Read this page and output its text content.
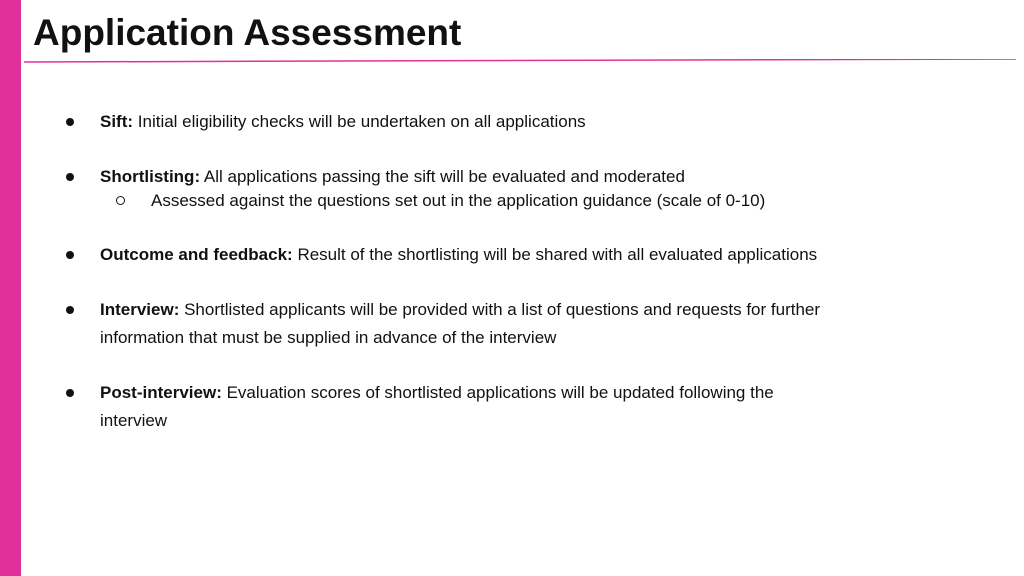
Application Assessment
Sift: Initial eligibility checks will be undertaken on all applications
Shortlisting: All applications passing the sift will be evaluated and moderated
Assessed against the questions set out in the application guidance (scale of 0-10)
Outcome and feedback: Result of the shortlisting will be shared with all evaluated applications
Interview: Shortlisted applicants will be provided with a list of questions and requests for further information that must be supplied in advance of the interview
Post-interview: Evaluation scores of shortlisted applications will be updated following the interview
